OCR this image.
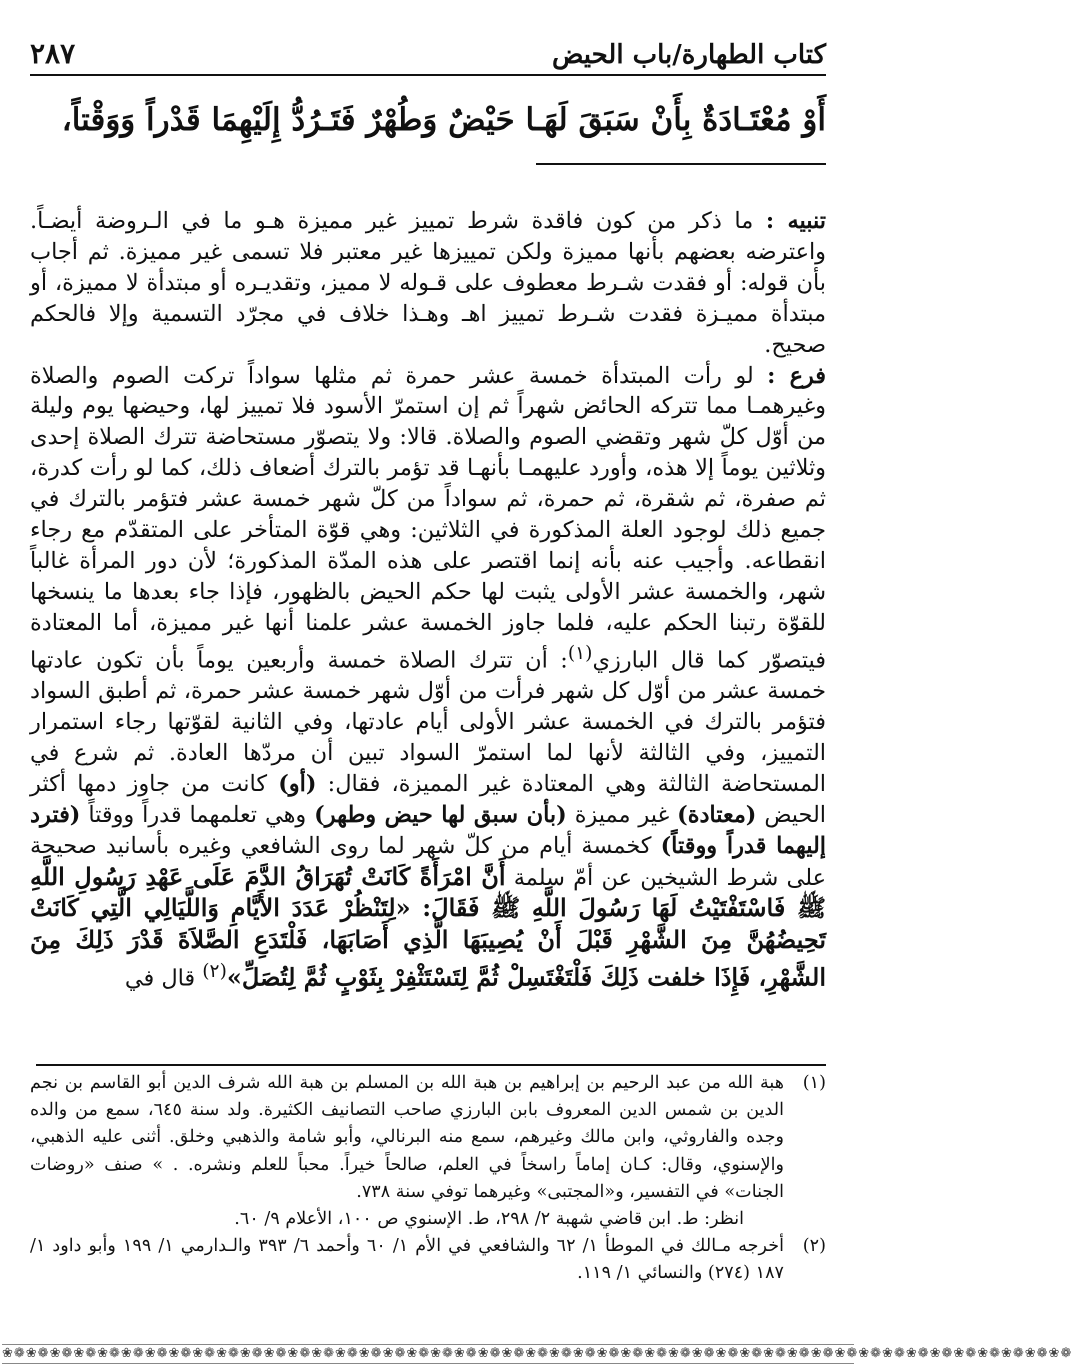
٢٨٧	كتاب الطهارة/باب الحيض
أَوْ مُعْتَـادَةٌ بِأَنْ سَبَقَ لَهَـا حَيْضٌ وَطُهْرٌ فَتَـرُدُّ إِلَيْهِمَا قَدْراً وَوَقْتاً،

تنبيه : ما ذكر من كون فاقدة شرط تمييز غير مميزة هـو ما في الـروضة أيضـاً. واعترضه بعضهم بأنها مميزة ولكن تمييزها غير معتبر فلا تسمى غير مميزة. ثم أجاب بأن قوله: أو فقدت شـرط معطوف على قـوله لا مميز، وتقديـره أو مبتدأة لا مميزة، أو مبتدأة مميـزة فقدت شـرط تمييز اهـ وهـذا خلاف في مجرّد التسمية وإلا فالحكم صحيح.

فرع : لو رأت المبتدأة خمسة عشر حمرة ثم مثلها سواداً تركت الصوم والصلاة وغيرهمـا مما تتركه الحائض شهراً ثم إن استمرّ الأسود فلا تمييز لها، وحيضها يوم وليلة من أوّل كلّ شهر وتقضي الصوم والصلاة. قالا: ولا يتصوّر مستحاضة تترك الصلاة إحدى وثلاثين يوماً إلا هذه، وأورد عليهمـا بأنهـا قد تؤمر بالترك أضعاف ذلك، كما لو رأت كدرة، ثم صفرة، ثم شقرة، ثم حمرة، ثم سواداً من كلّ شهر خمسة عشر فتؤمر بالترك في جميع ذلك لوجود العلة المذكورة في الثلاثين: وهي قوّة المتأخر على المتقدّم مع رجاء انقطاعه. وأجيب عنه بأنه إنما اقتصر على هذه المدّة المذكورة؛ لأن دور المرأة غالباً شهر، والخمسة عشر الأولى يثبت لها حكم الحيض بالظهور، فإذا جاء بعدها ما ينسخها للقوّة رتبنا الحكم عليه، فلما جاوز الخمسة عشر علمنا أنها غير مميزة، أما المعتادة فيتصوّر كما قال البارزي$^{(١)}$: أن تترك الصلاة خمسة وأربعين يوماً بأن تكون عادتها خمسة عشر من أوّل كل شهر فرأت من أوّل شهر خمسة عشر حمرة، ثم أطبق السواد فتؤمر بالترك في الخمسة عشر الأولى أيام عادتها، وفي الثانية لقوّتها رجاء استمرار التمييز، وفي الثالثة لأنها لما استمرّ السواد تبين أن مردّها العادة. ثم شرع في المستحاضة الثالثة وهي المعتادة غير المميزة، فقال: (أو) كانت من جاوز دمها أكثر الحيض (معتادة) غير مميزة (بأن سبق لها حيض وطهر) وهي تعلمهما قدراً ووقتاً (فترد إليهما قدراً ووقتاً) كخمسة أيام من كلّ شهر لما روى الشافعي وغيره بأسانيد صحيحة على شرط الشيخين عن أمّ سلمة أَنَّ امْرَأَةً كَانَتْ تُهَرَاقُ الدَّمَ عَلَى عَهْدِ رَسُولِ اللَّهِ ﷺ فَاسْتَفْتَيْتُ لَهَا رَسُولَ اللَّهِ ﷺ فَقَالَ: «لِتَنْظُرْ عَدَدَ الأَيَّامِ وَاللَّيَالِي الَّتِي كَانَتْ تَحِيضُهُنَّ مِنَ الشَّهْرِ قَبْلَ أَنْ يُصِيبَهَا الَّذِي أَصَابَهَا، فَلْتَدَعِ الصَّلاَةَ قَدْرَ ذَلِكَ مِنَ الشَّهْرِ، فَإِذَا خلفت ذَلِكَ فَلْتَغْتَسِلْ ثُمَّ لِتَسْتَثْفِرْ بِثَوْبٍ ثُمَّ لِتُصَلِّ»$^{(٢)}$ قال في

(١)

هبة الله من عبد الرحيم بن إبراهيم بن هبة الله بن المسلم بن هبة الله شرف الدين أبو القاسم بن نجم الدين بن شمس الدين المعروف بابن البارزي صاحب التصانيف الكثيرة. ولد سنة ٦٤٥، سمع من والده وجده والفاروثي، وابن مالك وغيرهم، سمع منه البرنالي، وأبو شامة والذهبي وخلق. أثنى عليه الذهبي، والإسنوي، وقال: كـان إماماً راسخاً في العلم، صالحاً خيراً. محباً للعلم ونشره. . » صنف «روضات الجنات» في التفسير، و«المجتبى» وغيرهما توفي سنة ٧٣٨.

انظر: ط. ابن قاضي شهبة ٢/ ٢٩٨، ط. الإسنوي ص ١٠٠، الأعلام ٩/ ٦٠.

(٢)

أخرجه مـالك في الموطأ ١/ ٦٢ والشافعي في الأم ١/ ٦٠ وأحمد ٦/ ٣٩٣ والـدارمي ١/ ١٩٩ وأبو داود ١/ ١٨٧ (٢٧٤) والنسائي ١/ ١١٩.

❀❁❀❁❀❁❀❁❀❁❀❁❀❁❀❁❀❁❀❁❀❁❀❁❀❁❀❁❀❁❀❁❀❁❀❁❀❁❀❁❀❁❀❁❀❁❀❁❀❁❀❁❀❁❀❁❀❁❀❁❀❁❀❁❀❁❀❁❀❁❀❁❀❁❀❁❀❁❀❁❀❁❀❁❀❁❀❁❀❁
